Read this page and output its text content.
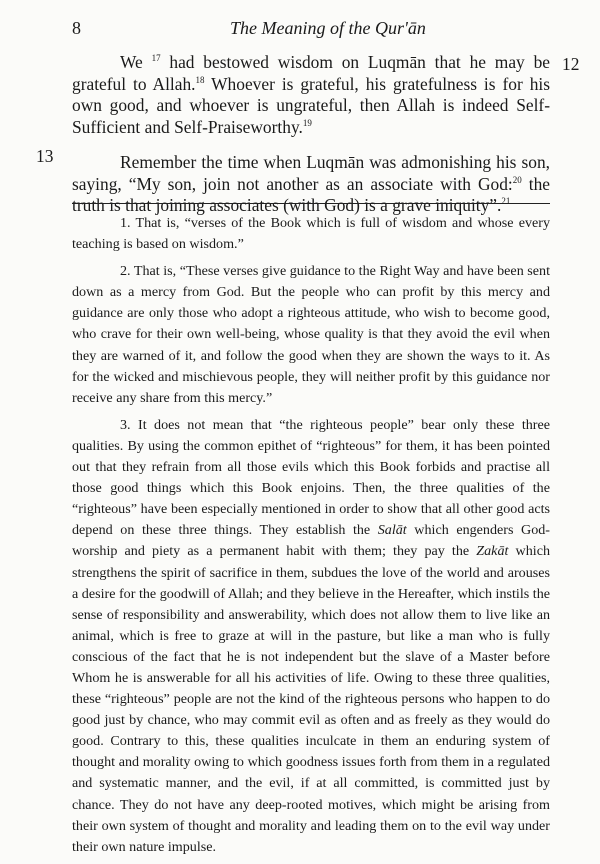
8	The Meaning of the Qur'ān
12
13

We $^{17}$ had bestowed wisdom on Luqmān that he may be grateful to Allah.$^{18}$ Whoever is grateful, his gratefulness is for his own good, and whoever is ungrateful, then Allah is indeed Self-Sufficient and Self-Praiseworthy.$^{19}$

Remember the time when Luqmān was admonishing his son, saying, “My son, join not another as an associate with God:$^{20}$ the truth is that joining associates (with God) is a grave iniquity”.$^{21}$

1. That is, “verses of the Book which is full of wisdom and whose every teaching is based on wisdom.”

2. That is, “These verses give guidance to the Right Way and have been sent down as a mercy from God. But the people who can profit by this mercy and guidance are only those who adopt a righteous attitude, who wish to become good, who crave for their own well-being, whose quality is that they avoid the evil when they are warned of it, and follow the good when they are shown the ways to it. As for the wicked and mischievous people, they will neither profit by this guidance nor receive any share from this mercy.”

3. It does not mean that “the righteous people” bear only these three qualities. By using the common epithet of “righteous” for them, it has been pointed out that they refrain from all those evils which this Book forbids and practise all those good things which this Book enjoins. Then, the three qualities of the “righteous” have been especially mentioned in order to show that all other good acts depend on these three things. They establish the Salāt which engenders God-worship and piety as a permanent habit with them; they pay the Zakāt which strengthens the spirit of sacrifice in them, subdues the love of the world and arouses a desire for the goodwill of Allah; and they believe in the Hereafter, which instils the sense of responsibility and answerability, which does not allow them to live like an animal, which is free to graze at will in the pasture, but like a man who is fully conscious of the fact that he is not independent but the slave of a Master before Whom he is answerable for all his activities of life. Owing to these three qualities, these “righteous” people are not the kind of the righteous persons who happen to do good just by chance, who may commit evil as often and as freely as they would do good. Contrary to this, these qualities inculcate in them an enduring system of thought and morality owing to which goodness issues forth from them in a regulated and systematic manner, and the evil, if at all committed, is committed just by chance. They do not have any deep-rooted motives, which might be arising from their own system of thought and morality and leading them on to the evil way under their own nature impulse.
